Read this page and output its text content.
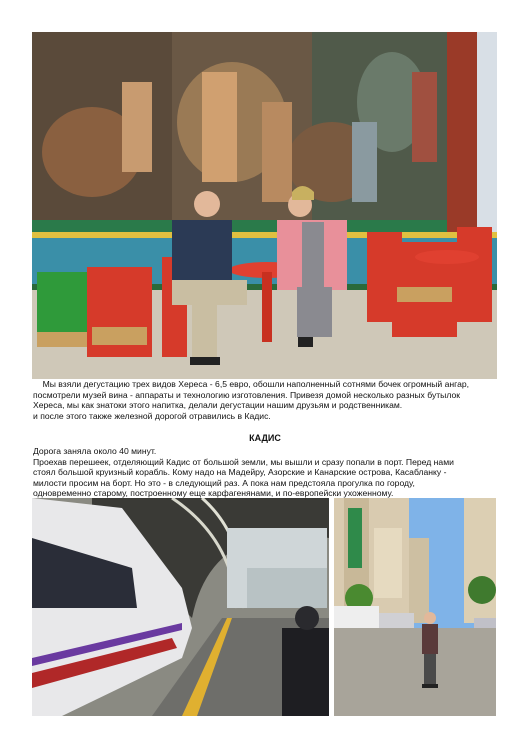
Мы взяли дегустацию трех видов Хереса - 6,5 евро, обошли наполненный сотнями бочек огромный ангар,
посмотрели музей вина - аппараты и технологию изготовления. Привезя домой несколько разных бутылок
Хереса, мы как знатоки этого напитка, делали дегустации нашим друзьям и родственникам.
и после этого также железной дорогой отравились в Кадис.

КАДИС

Дорога заняла около 40 минут.
Проехав перешеек, отделяющий Кадис от большой земли, мы вышли и сразу попали в порт. Перед нами
стоял большой круизный корабль. Кому надо на Мадейру, Азорские и Канарские острова, Касабланку -
милости просим на борт. Но это - в следующий раз. А пока нам предстояла прогулка по городу,
одновременно старому, построенному еще карфагенянами, и по-европейски ухоженному.
